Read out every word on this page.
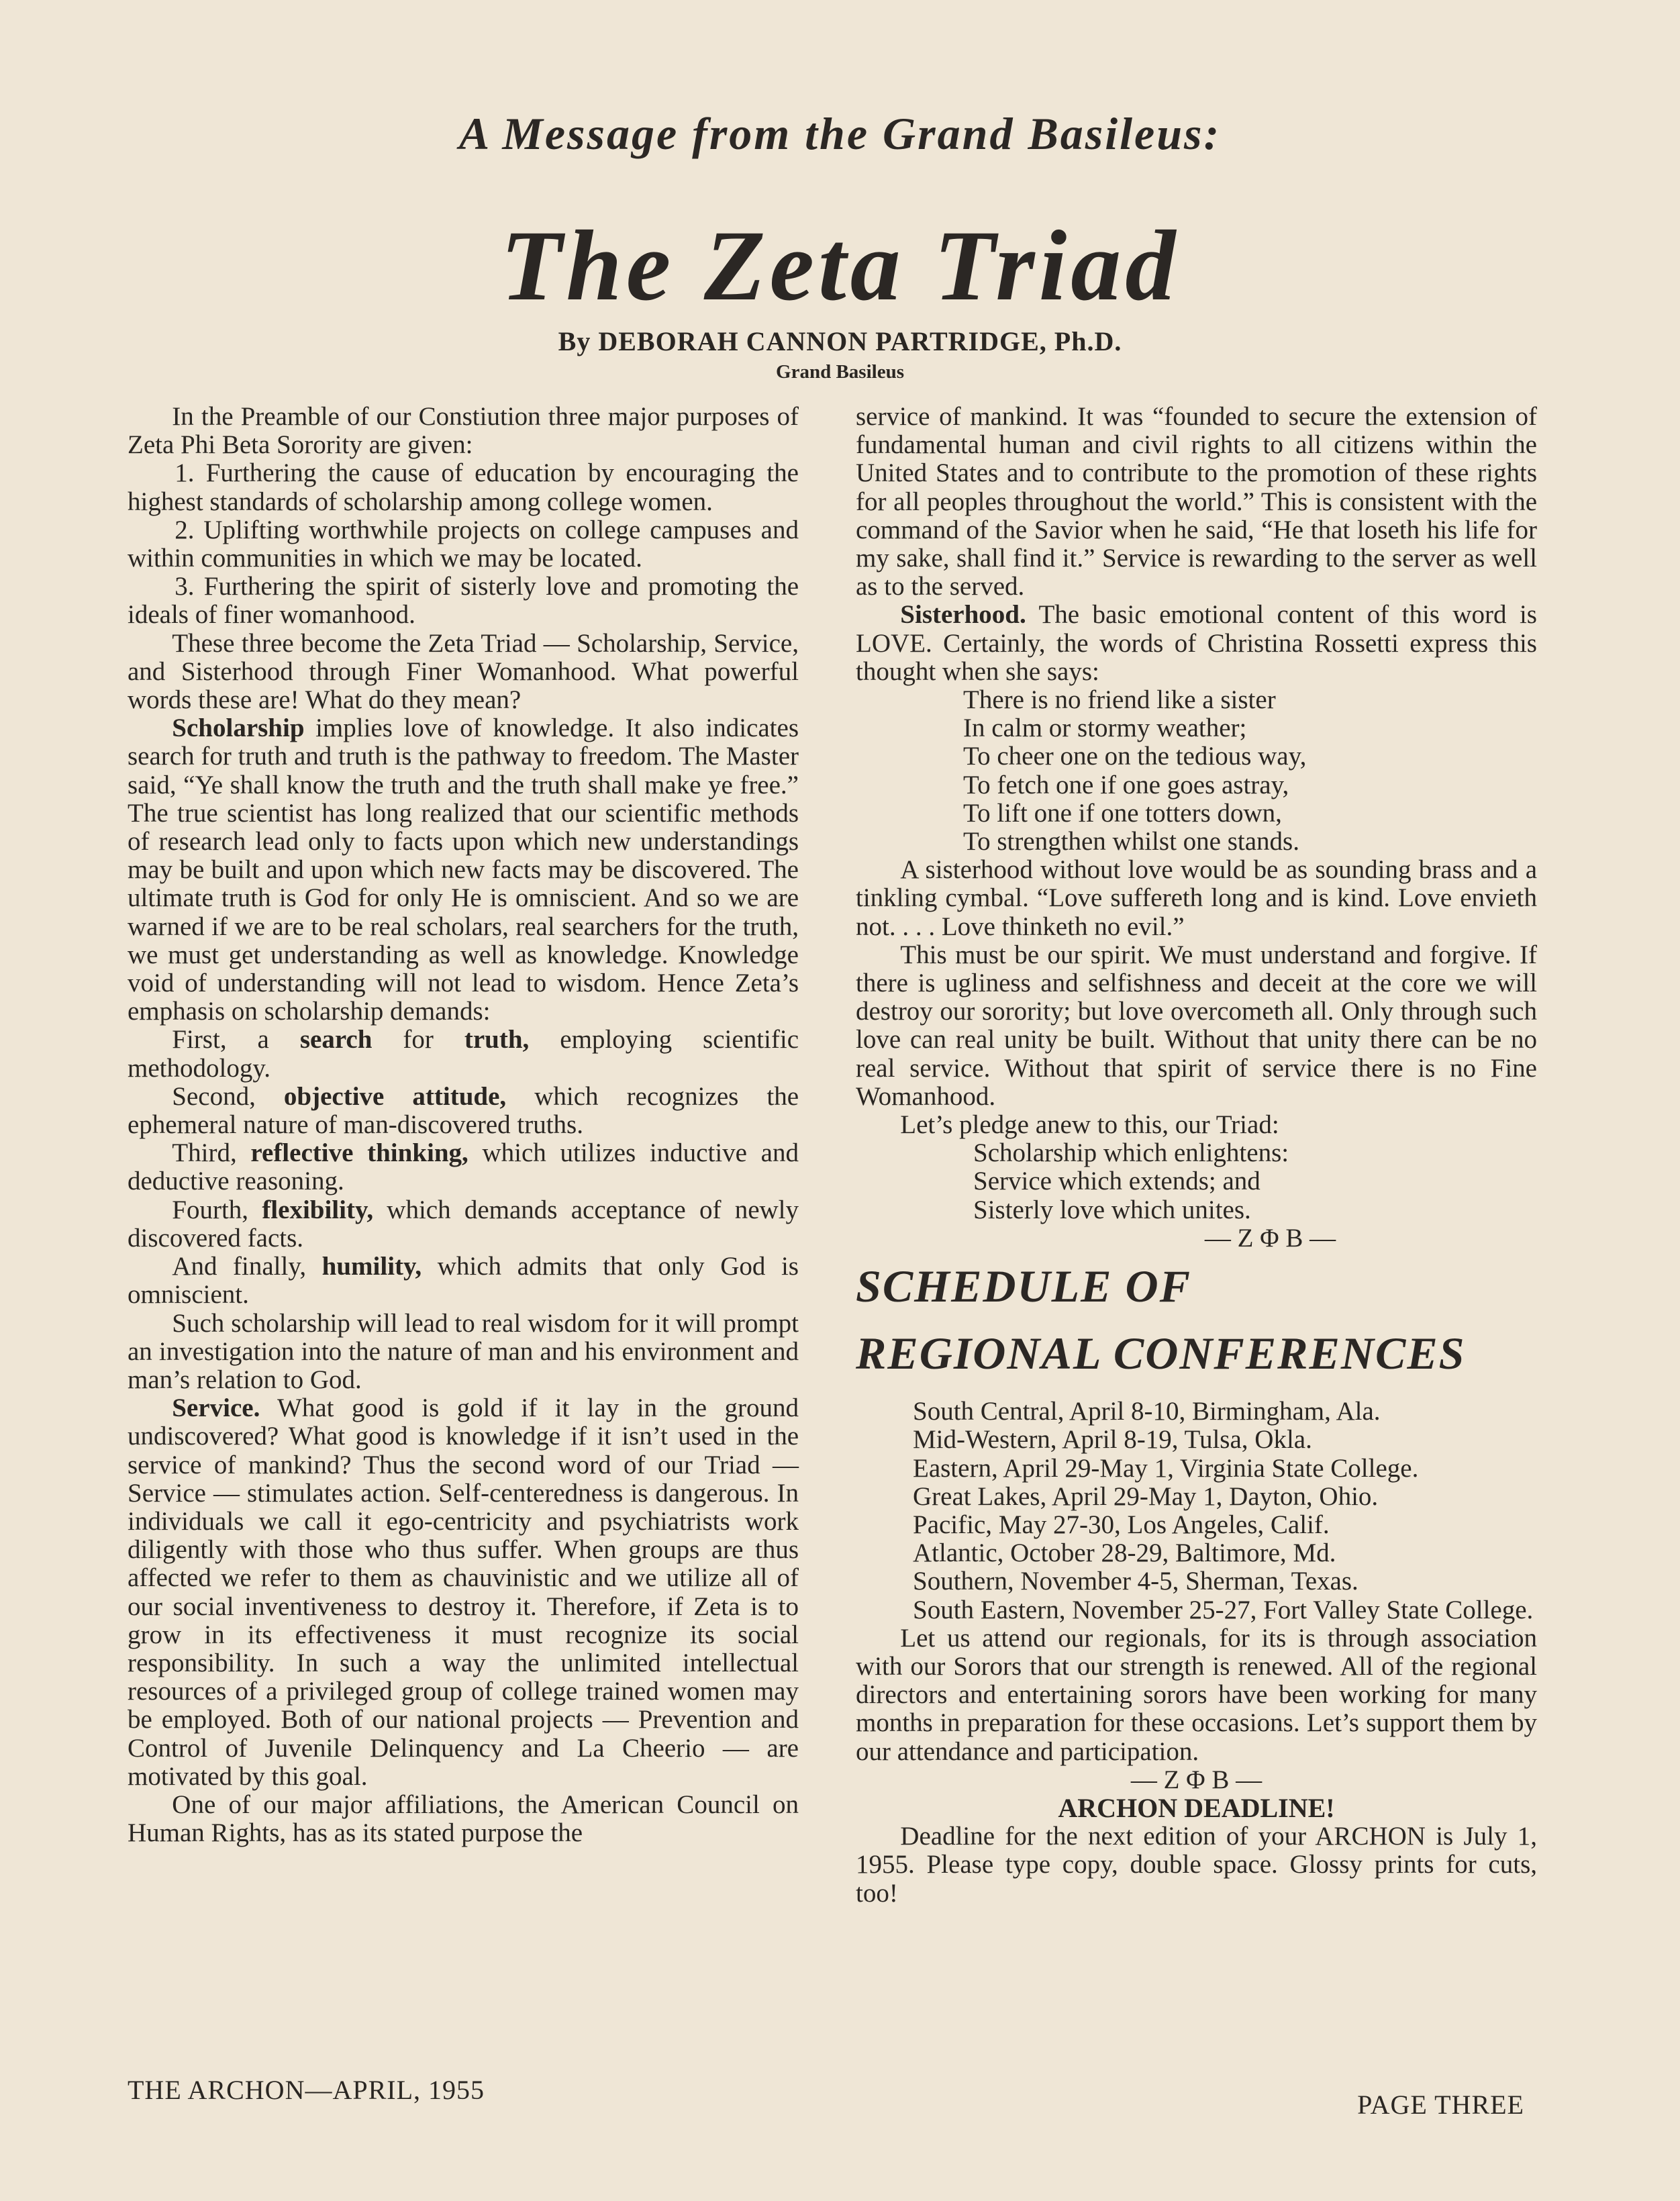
A Message from the Grand Basileus:
The Zeta Triad
By DEBORAH CANNON PARTRIDGE, Ph.D.
Grand Basileus

In the Preamble of our Constiution three major purposes of Zeta Phi Beta Sorority are given:

1. Furthering the cause of education by encouraging the highest standards of scholarship among college women.

2. Uplifting worthwhile projects on college campuses and within communities in which we may be located.

3. Furthering the spirit of sisterly love and promoting the ideals of finer womanhood.

These three become the Zeta Triad — Scholarship, Service, and Sisterhood through Finer Womanhood. What powerful words these are! What do they mean?

Scholarship implies love of knowledge. It also indicates search for truth and truth is the pathway to freedom. The Master said, “Ye shall know the truth and the truth shall make ye free.” The true scientist has long realized that our scientific methods of research lead only to facts upon which new understandings may be built and upon which new facts may be discovered. The ultimate truth is God for only He is omniscient. And so we are warned if we are to be real scholars, real searchers for the truth, we must get understanding as well as knowledge. Knowledge void of understanding will not lead to wisdom. Hence Zeta’s emphasis on scholarship demands:

First, a search for truth, employing scientific methodology.

Second, objective attitude, which recognizes the ephemeral nature of man-discovered truths.

Third, reflective thinking, which utilizes inductive and deductive reasoning.

Fourth, flexibility, which demands acceptance of newly discovered facts.

And finally, humility, which admits that only God is omniscient.

Such scholarship will lead to real wisdom for it will prompt an investigation into the nature of man and his environment and man’s relation to God.

Service. What good is gold if it lay in the ground undiscovered? What good is knowledge if it isn’t used in the service of mankind? Thus the second word of our Triad — Service — stimulates action. Self-centeredness is dangerous. In individuals we call it ego-centricity and psychiatrists work diligently with those who thus suffer. When groups are thus affected we refer to them as chauvinistic and we utilize all of our social inventiveness to destroy it. Therefore, if Zeta is to grow in its effectiveness it must recognize its social responsibility. In such a way the unlimited intellectual resources of a privileged group of college trained women may be employed. Both of our national projects — Prevention and Control of Juvenile Delinquency and La Cheerio — are motivated by this goal.

One of our major affiliations, the American Council on Human Rights, has as its stated purpose the

service of mankind. It was “founded to secure the extension of fundamental human and civil rights to all citizens within the United States and to contribute to the promotion of these rights for all peoples throughout the world.” This is consistent with the command of the Savior when he said, “He that loseth his life for my sake, shall find it.” Service is rewarding to the server as well as to the served.

Sisterhood. The basic emotional content of this word is LOVE. Certainly, the words of Christina Rossetti express this thought when she says:

There is no friend like a sister

In calm or stormy weather;

To cheer one on the tedious way,

To fetch one if one goes astray,

To lift one if one totters down,

To strengthen whilst one stands.

A sisterhood without love would be as sounding brass and a tinkling cymbal. “Love suffereth long and is kind. Love envieth not. . . . Love thinketh no evil.”

This must be our spirit. We must understand and forgive. If there is ugliness and selfishness and deceit at the core we will destroy our sorority; but love overcometh all. Only through such love can real unity be built. Without that unity there can be no real service. Without that spirit of service there is no Fine Womanhood.

Let’s pledge anew to this, our Triad:

Scholarship which enlightens:

Service which extends; and

Sisterly love which unites.

— Z Φ B —

SCHEDULE OF
REGIONAL CONFERENCES

South Central, April 8-10, Birmingham, Ala.

Mid-Western, April 8-19, Tulsa, Okla.

Eastern, April 29-May 1, Virginia State College.

Great Lakes, April 29-May 1, Dayton, Ohio.

Pacific, May 27-30, Los Angeles, Calif.

Atlantic, October 28-29, Baltimore, Md.

Southern, November 4-5, Sherman, Texas.

South Eastern, November 25-27, Fort Valley State College.

Let us attend our regionals, for its is through association with our Sorors that our strength is renewed. All of the regional directors and entertaining sorors have been working for many months in preparation for these occasions. Let’s support them by our attendance and participation.

— Z Φ B —

ARCHON DEADLINE!

Deadline for the next edition of your ARCHON is July 1, 1955. Please type copy, double space. Glossy prints for cuts, too!

THE ARCHON—APRIL, 1955	PAGE THREE
